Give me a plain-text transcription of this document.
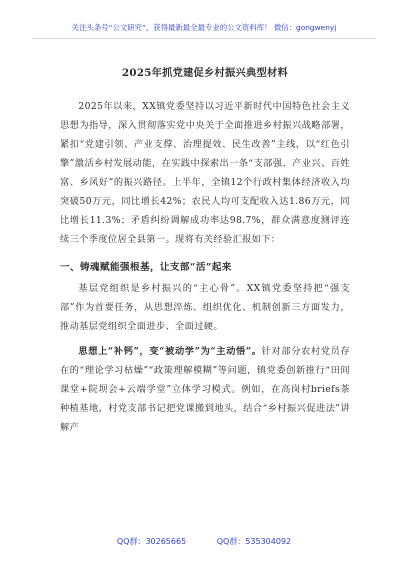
关注头条号“公文研究”，获得最新最全最专业的公文资料库！ 微信：gongwenyj
2025年抓党建促乡村振兴典型材料

2025年以来，XX镇党委坚持以习近平新时代中国特色社会主义思想为指导，深入贯彻落实党中央关于全面推进乡村振兴战略部署，紧扣“党建引领、产业支撑、治理提效、民生改善”主线，以“红色引擎”激活乡村发展动能，在实践中探索出一条“支部强、产业兴、百姓富、乡风好”的振兴路径。上半年，全镇12个行政村集体经济收入均突破50万元，同比增长42%；农民人均可支配收入达1.86万元，同比增长11.3%；矛盾纠纷调解成功率达98.7%，群众满意度测评连续三个季度位居全县第一。现将有关经验汇报如下：

一、铸魂赋能强根基，让支部“活”起来

基层党组织是乡村振兴的“主心骨”。XX镇党委坚持把“强支部”作为首要任务，从思想淬炼、组织优化、机制创新三方面发力，推动基层党组织全面进步、全面过硬。

思想上“补钙”，变“被动学”为“主动悟”。针对部分农村党员存在的“理论学习枯燥”“政策理解模糊”等问题，镇党委创新推行“田间课堂+院坝会+云端学堂”立体学习模式。例如，在高岗村briefs茶种植基地，村党支部书记把党课搬到地头，结合“乡村振兴促进法”讲解产

QQ群：30265665	QQ群：535304092
